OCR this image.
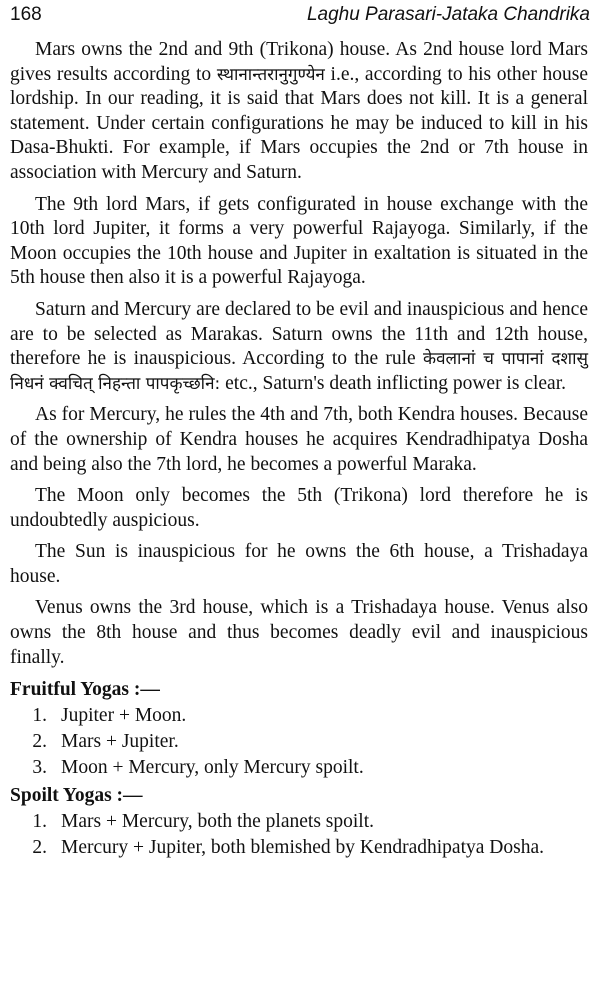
168	Laghu Parasari-Jataka Chandrika

Mars owns the 2nd and 9th (Trikona) house. As 2nd house lord Mars gives results according to स्थानान्तरानुगुण्येन i.e., according to his other house lordship. In our reading, it is said that Mars does not kill. It is a general statement. Under certain configurations he may be induced to kill in his Dasa-Bhukti. For example, if Mars occupies the 2nd or 7th house in association with Mercury and Saturn.

The 9th lord Mars, if gets configurated in house exchange with the 10th lord Jupiter, it forms a very powerful Rajayoga. Similarly, if the Moon occupies the 10th house and Jupiter in exaltation is situated in the 5th house then also it is a powerful Rajayoga.

Saturn and Mercury are declared to be evil and inauspicious and hence are to be selected as Marakas. Saturn owns the 11th and 12th house, therefore he is inauspicious. According to the rule केवलानां च पापानां दशासु निधनं क्वचित् निहन्ता पापकृच्छनि: etc., Saturn's death inflicting power is clear.

As for Mercury, he rules the 4th and 7th, both Kendra houses. Because of the ownership of Kendra houses he acquires Kendradhipatya Dosha and being also the 7th lord, he becomes a powerful Maraka.

The Moon only becomes the 5th (Trikona) lord therefore he is undoubtedly auspicious.

The Sun is inauspicious for he owns the 6th house, a Trishadaya house.

Venus owns the 3rd house, which is a Trishadaya house. Venus also owns the 8th house and thus becomes deadly evil and inauspicious finally.

Fruitful Yogas :—
1. Jupiter + Moon.
2. Mars + Jupiter.
3. Moon + Mercury, only Mercury spoilt.
Spoilt Yogas :—
1. Mars + Mercury, both the planets spoilt.
2. Mercury + Jupiter, both blemished by Kendradhipatya Dosha.
